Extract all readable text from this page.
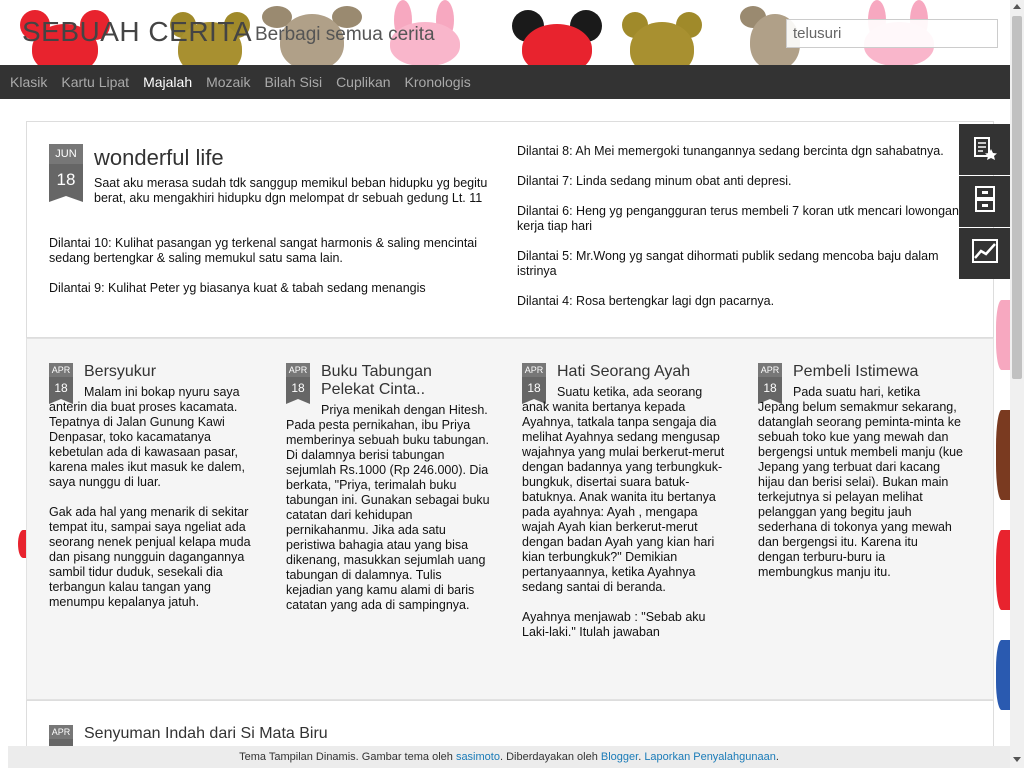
SEBUAH CERITA Berbagi semua cerita
telusuri
Klasik Kartu Lipat Majalah Mozaik Bilah Sisi Cuplikan Kronologis
JUN
18
wonderful life
Saat aku merasa sudah tdk sanggup memikul beban hidupku yg begitu berat, aku mengakhiri hidupku dgn melompat dr sebuah gedung Lt. 11

Dilantai 10: Kulihat pasangan yg terkenal sangat harmonis & saling mencintai sedang bertengkar & saling memukul satu sama lain.

Dilantai 9: Kulihat Peter yg biasanya kuat & tabah sedang menangis

Dilantai 8: Ah Mei memergoki tunangannya sedang bercinta dgn sahabatnya.

Dilantai 7: Linda sedang minum obat anti depresi.

Dilantai 6: Heng yg pengangguran terus membeli 7 koran utk mencari lowongan kerja tiap hari

Dilantai 5: Mr.Wong yg sangat dihormati publik sedang mencoba baju dalam istrinya

Dilantai 4: Rosa bertengkar lagi dgn pacarnya.

APR
18
Bersyukur

Malam ini bokap nyuru saya anterin dia buat proses kacamata. Tepatnya di Jalan Gunung Kawi Denpasar, toko kacamatanya kebetulan ada di kawasaan pasar, karena males ikut masuk ke dalem, saya nunggu di luar.

Gak ada hal yang menarik di sekitar tempat itu, sampai saya ngeliat ada seorang nenek penjual kelapa muda dan pisang nungguin dagangannya sambil tidur duduk, sesekali dia terbangun kalau tangan yang menumpu kepalanya jatuh.

APR
18
Buku Tabungan Pelekat Cinta..

Priya menikah dengan Hitesh. Pada pesta pernikahan, ibu Priya memberinya sebuah buku tabungan. Di dalamnya berisi tabungan sejumlah Rs.1000 (Rp 246.000). Dia berkata, "Priya, terimalah buku tabungan ini. Gunakan sebagai buku catatan dari kehidupan pernikahanmu. Jika ada satu peristiwa bahagia atau yang bisa dikenang, masukkan sejumlah uang tabungan di dalamnya. Tulis kejadian yang kamu alami di baris catatan yang ada di sampingnya.

APR
18
Hati Seorang Ayah

Suatu ketika, ada seorang anak wanita bertanya kepada Ayahnya, tatkala tanpa sengaja dia melihat Ayahnya sedang mengusap wajahnya yang mulai berkerut-merut dengan badannya yang terbungkuk-bungkuk, disertai suara batuk-batuknya. Anak wanita itu bertanya pada ayahnya: Ayah , mengapa wajah Ayah kian berkerut-merut dengan badan Ayah yang kian hari kian terbungkuk?" Demikian pertanyaannya, ketika Ayahnya sedang santai di beranda.

Ayahnya menjawab : "Sebab aku Laki-laki." Itulah jawaban

APR
18
Pembeli Istimewa

Pada suatu hari, ketika Jepang belum semakmur sekarang, datanglah seorang peminta-minta ke sebuah toko kue yang mewah dan bergengsi untuk membeli manju (kue Jepang yang terbuat dari kacang hijau dan berisi selai). Bukan main terkejutnya si pelayan melihat pelanggan yang begitu jauh sederhana di tokonya yang mewah dan bergengsi itu. Karena itu dengan terburu-buru ia membungkus manju itu.

APR Senyuman Indah dari Si Mata Biru
Tema Tampilan Dinamis. Gambar tema oleh sasimoto. Diberdayakan oleh Blogger. Laporkan Penyalahgunaan.
